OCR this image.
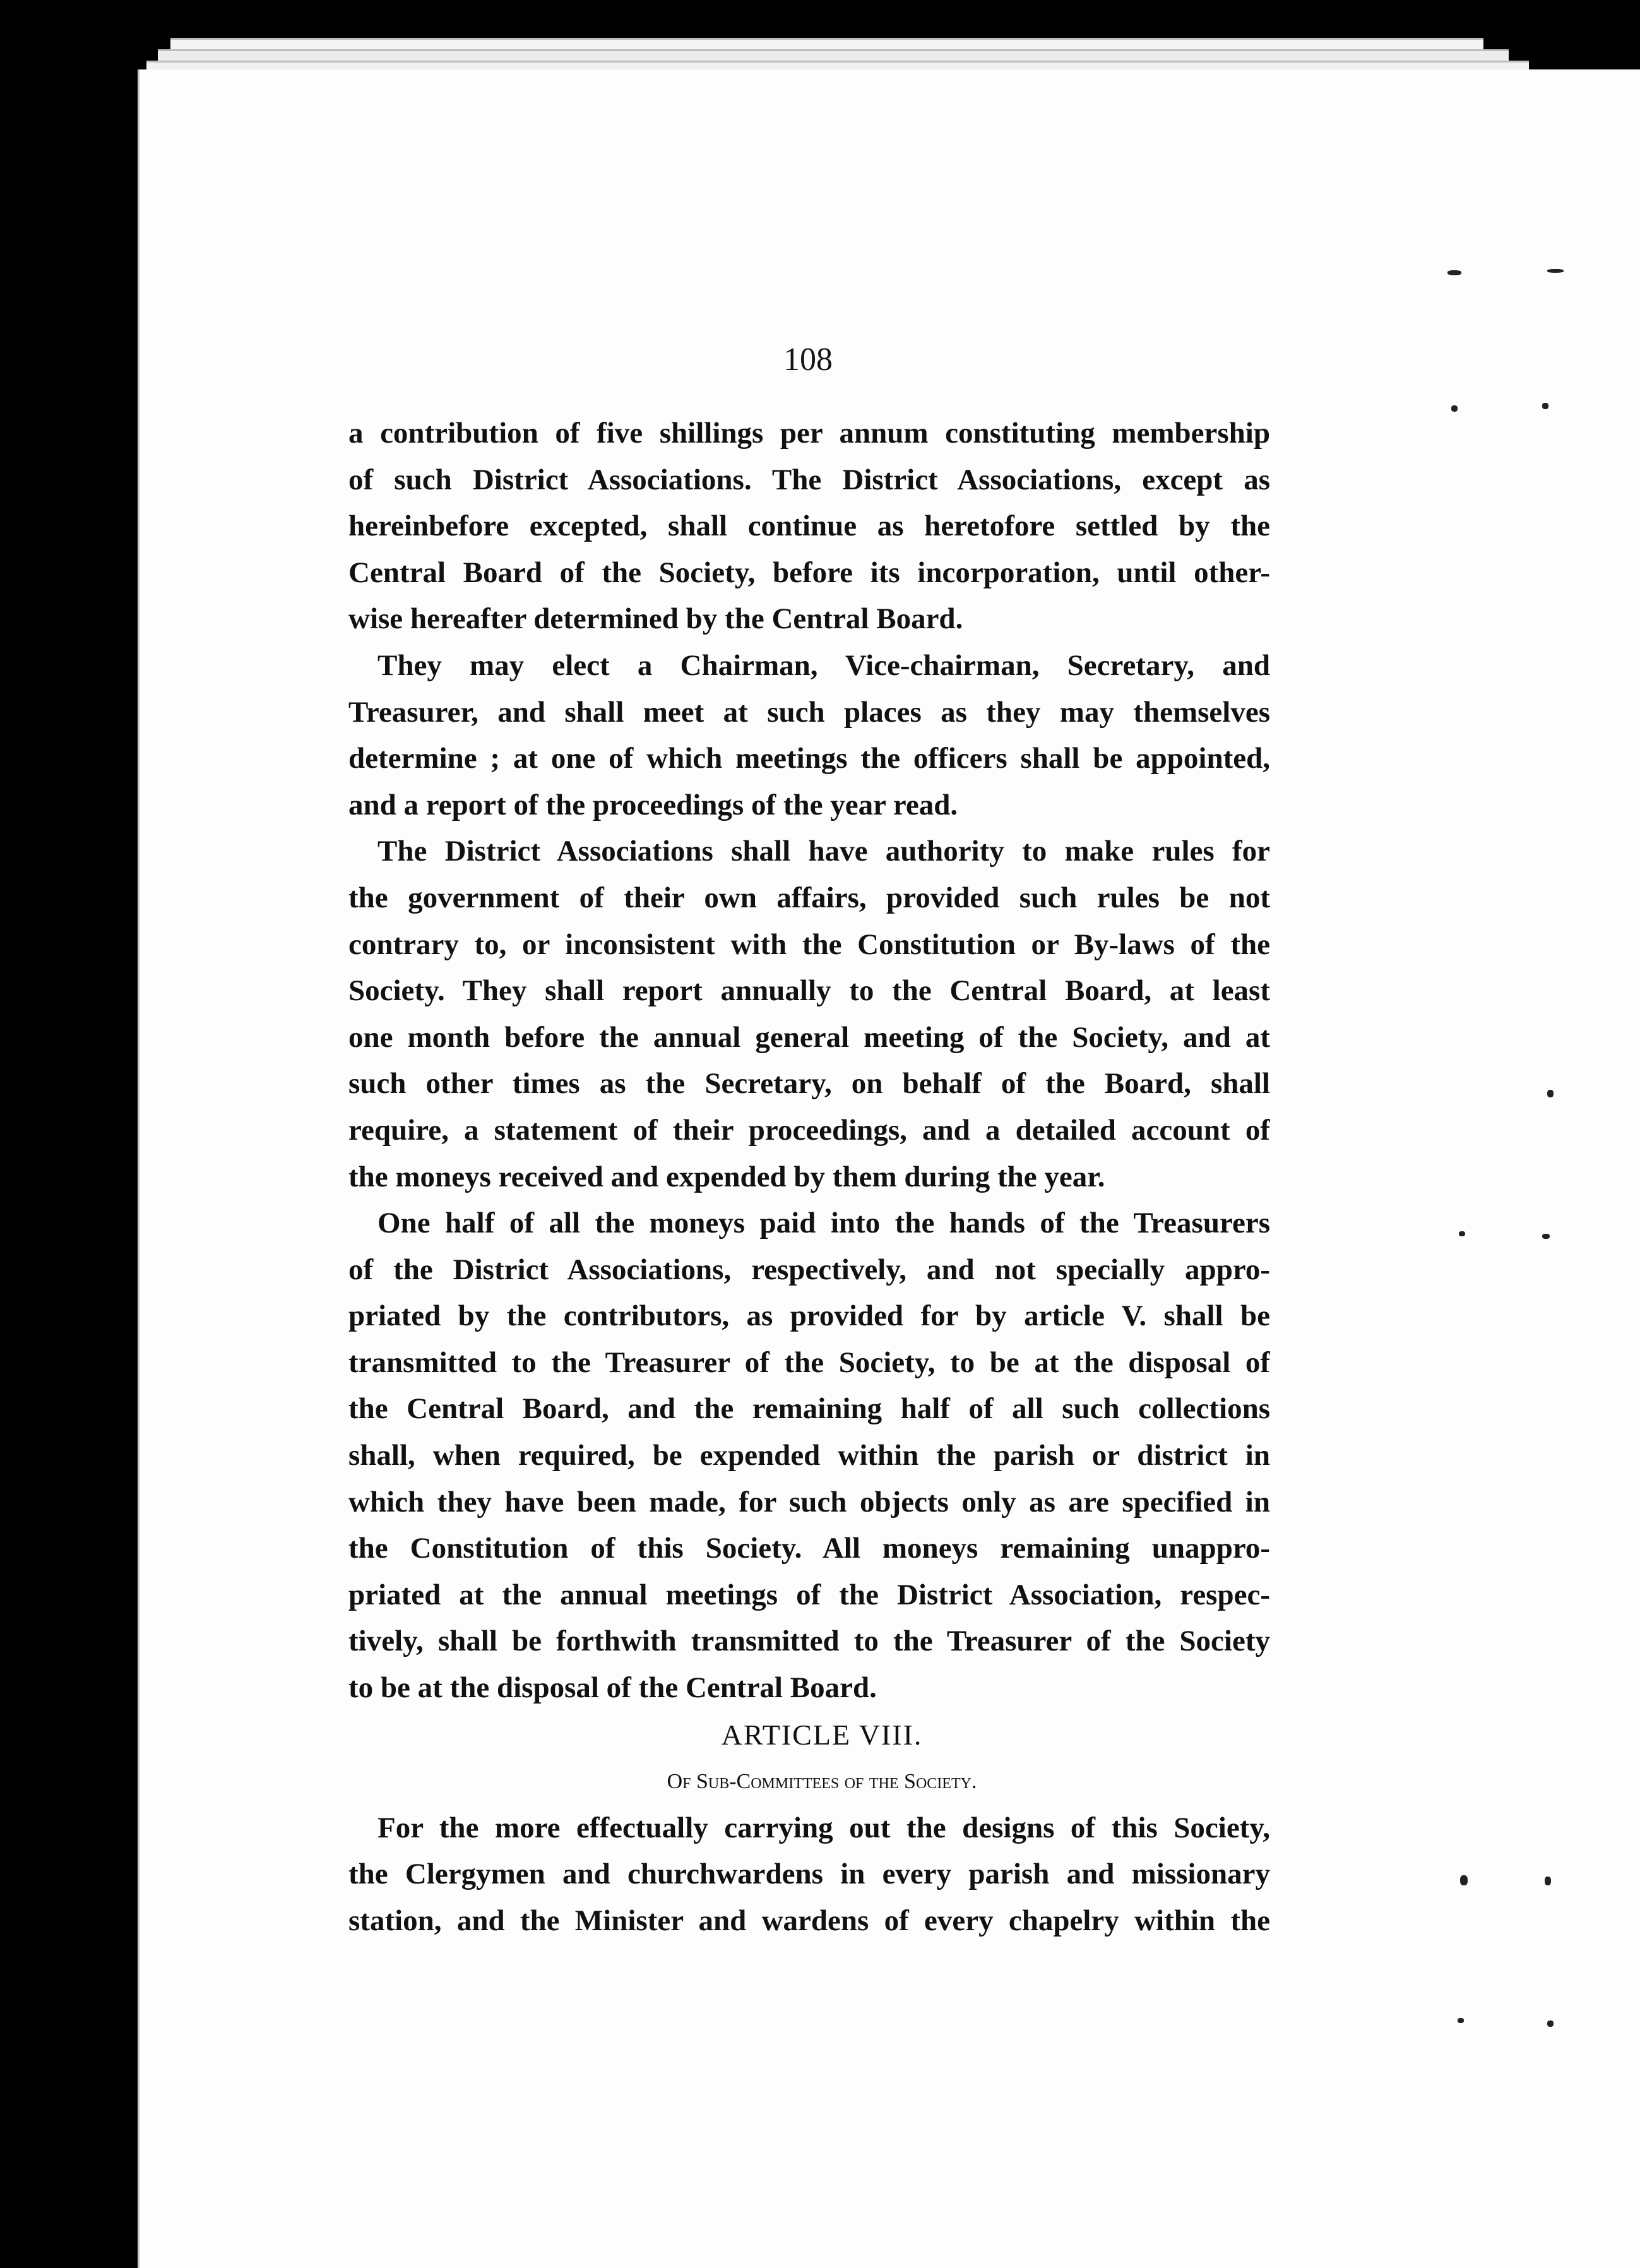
108
a contribution of five shillings per annum constituting membership
of such District Associations. The District Associations, except as
hereinbefore excepted, shall continue as heretofore settled by the
Central Board of the Society, before its incorporation, until other-
wise hereafter determined by the Central Board.
They may elect a Chairman, Vice-chairman, Secretary, and
Treasurer, and shall meet at such places as they may themselves
determine ; at one of which meetings the officers shall be appointed,
and a report of the proceedings of the year read.
The District Associations shall have authority to make rules for
the government of their own affairs, provided such rules be not
contrary to, or inconsistent with the Constitution or By-laws of the
Society. They shall report annually to the Central Board, at least
one month before the annual general meeting of the Society, and at
such other times as the Secretary, on behalf of the Board, shall
require, a statement of their proceedings, and a detailed account of
the moneys received and expended by them during the year.
One half of all the moneys paid into the hands of the Treasurers
of the District Associations, respectively, and not specially appro-
priated by the contributors, as provided for by article V. shall be
transmitted to the Treasurer of the Society, to be at the disposal of
the Central Board, and the remaining half of all such collections
shall, when required, be expended within the parish or district in
which they have been made, for such objects only as are specified in
the Constitution of this Society. All moneys remaining unappro-
priated at the annual meetings of the District Association, respec-
tively, shall be forthwith transmitted to the Treasurer of the Society
to be at the disposal of the Central Board.
ARTICLE VIII.
Of Sub-Committees of the Society.
For the more effectually carrying out the designs of this Society,
the Clergymen and churchwardens in every parish and missionary
station, and the Minister and wardens of every chapelry within the
